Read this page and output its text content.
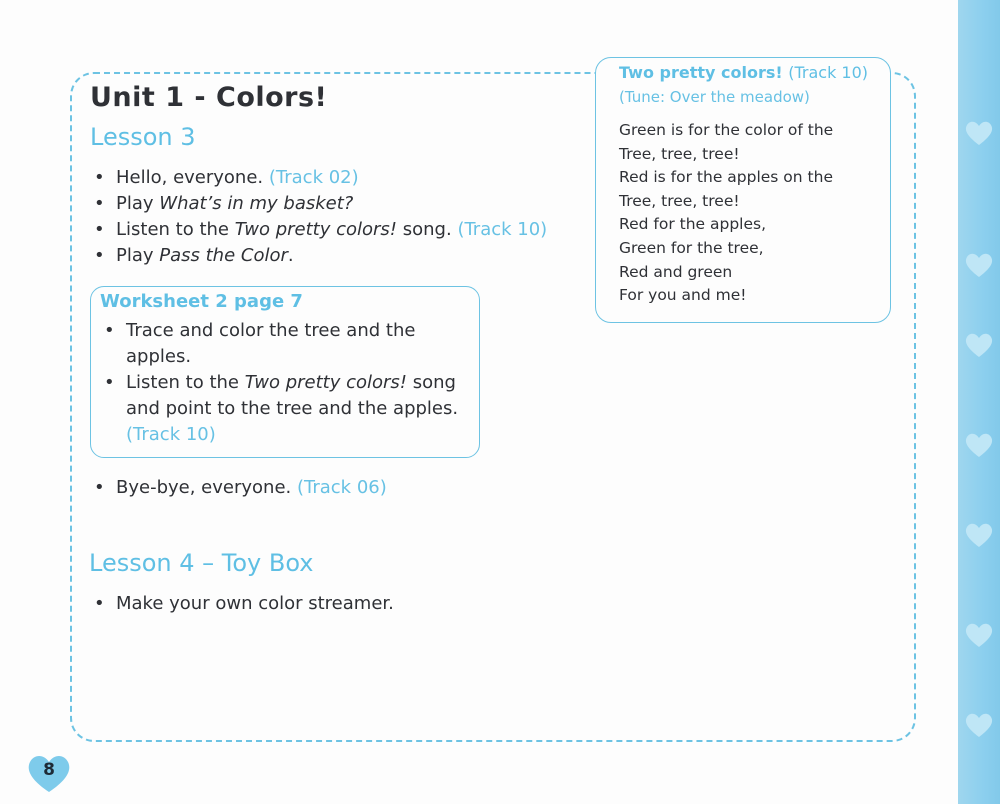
Unit 1 - Colors!
Lesson 3
• Hello, everyone. (Track 02)
• Play What’s in my basket?
• Listen to the Two pretty colors! song. (Track 10)
• Play Pass the Color.
Worksheet 2 page 7
• Trace and color the tree and the
apples.
• Listen to the Two pretty colors! song
and point to the tree and the apples.
(Track 10)
• Bye-bye, everyone. (Track 06)
Lesson 4 – Toy Box
• Make your own color streamer.

Two pretty colors! (Track 10)

(Tune: Over the meadow)

Green is for the color of the
Tree, tree, tree!
Red is for the apples on the
Tree, tree, tree!
Red for the apples,
Green for the tree,
Red and green
For you and me!
8
